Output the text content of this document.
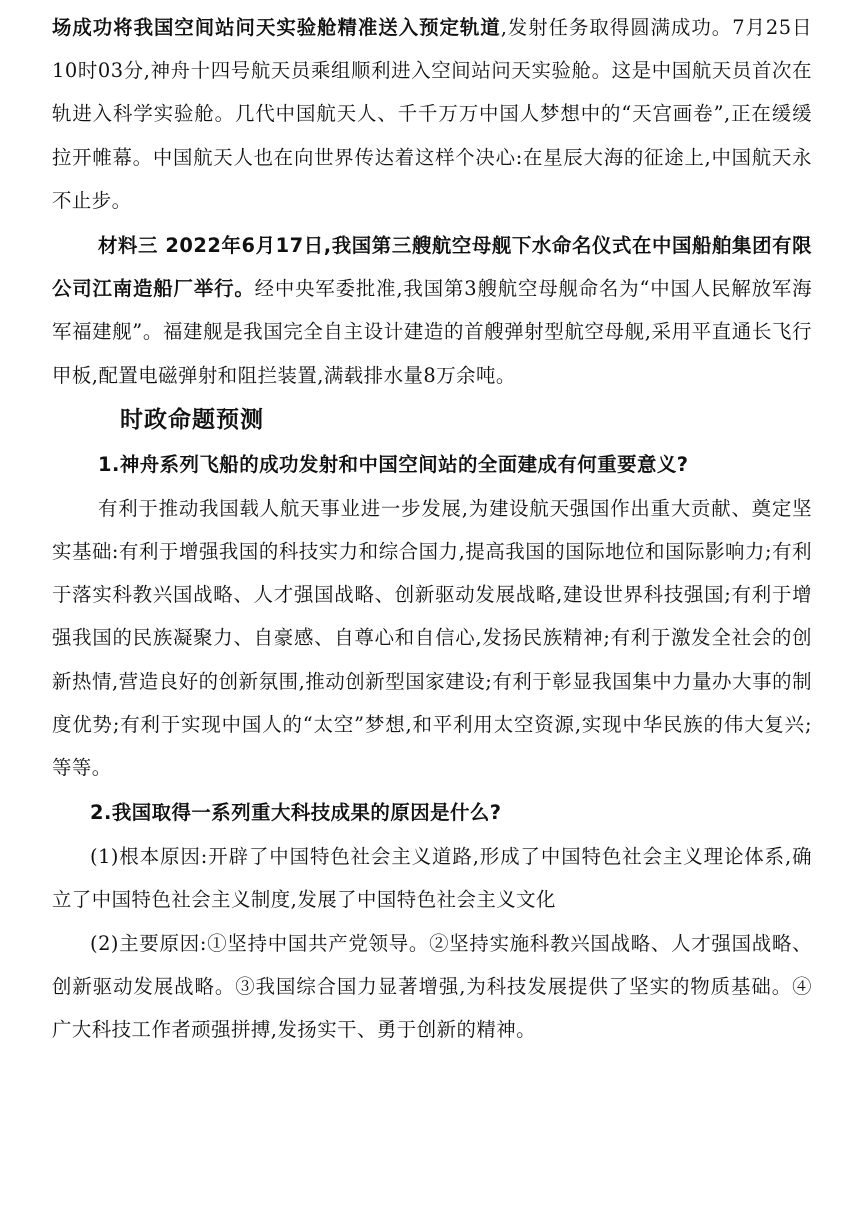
场成功将我国空间站问天实验舱精准送入预定轨道,发射任务取得圆满成功。7月25日10时03分,神舟十四号航天员乘组顺利进入空间站问天实验舱。这是中国航天员首次在轨进入科学实验舱。几代中国航天人、千千万万中国人梦想中的“天宫画卷”,正在缓缓拉开帷幕。中国航天人也在向世界传达着这样个决心:在星辰大海的征途上,中国航天永不止步。

材料三 2022年6月17日,我国第三艘航空母舰下水命名仪式在中国船舶集团有限公司江南造船厂举行。经中央军委批准,我国第3艘航空母舰命名为“中国人民解放军海军福建舰”。福建舰是我国完全自主设计建造的首艘弹射型航空母舰,采用平直通长飞行甲板,配置电磁弹射和阻拦装置,满载排水量8万余吨。

时政命题预测

1.神舟系列飞船的成功发射和中国空间站的全面建成有何重要意义?

有利于推动我国载人航天事业进一步发展,为建设航天强国作出重大贡献、奠定坚实基础:有利于增强我国的科技实力和综合国力,提高我国的国际地位和国际影响力;有利于落实科教兴国战略、人才强国战略、创新驱动发展战略,建设世界科技强国;有利于增强我国的民族凝聚力、自豪感、自尊心和自信心,发扬民族精神;有利于激发全社会的创新热情,营造良好的创新氛围,推动创新型国家建设;有利于彰显我国集中力量办大事的制度优势;有利于实现中国人的“太空”梦想,和平利用太空资源,实现中华民族的伟大复兴;等等。

2.我国取得一系列重大科技成果的原因是什么?

(1)根本原因:开辟了中国特色社会主义道路,形成了中国特色社会主义理论体系,确立了中国特色社会主义制度,发展了中国特色社会主义文化

(2)主要原因:①坚持中国共产党领导。②坚持实施科教兴国战略、人才强国战略、创新驱动发展战略。③我国综合国力显著增强,为科技发展提供了坚实的物质基础。④广大科技工作者顽强拼搏,发扬实干、勇于创新的精神。
